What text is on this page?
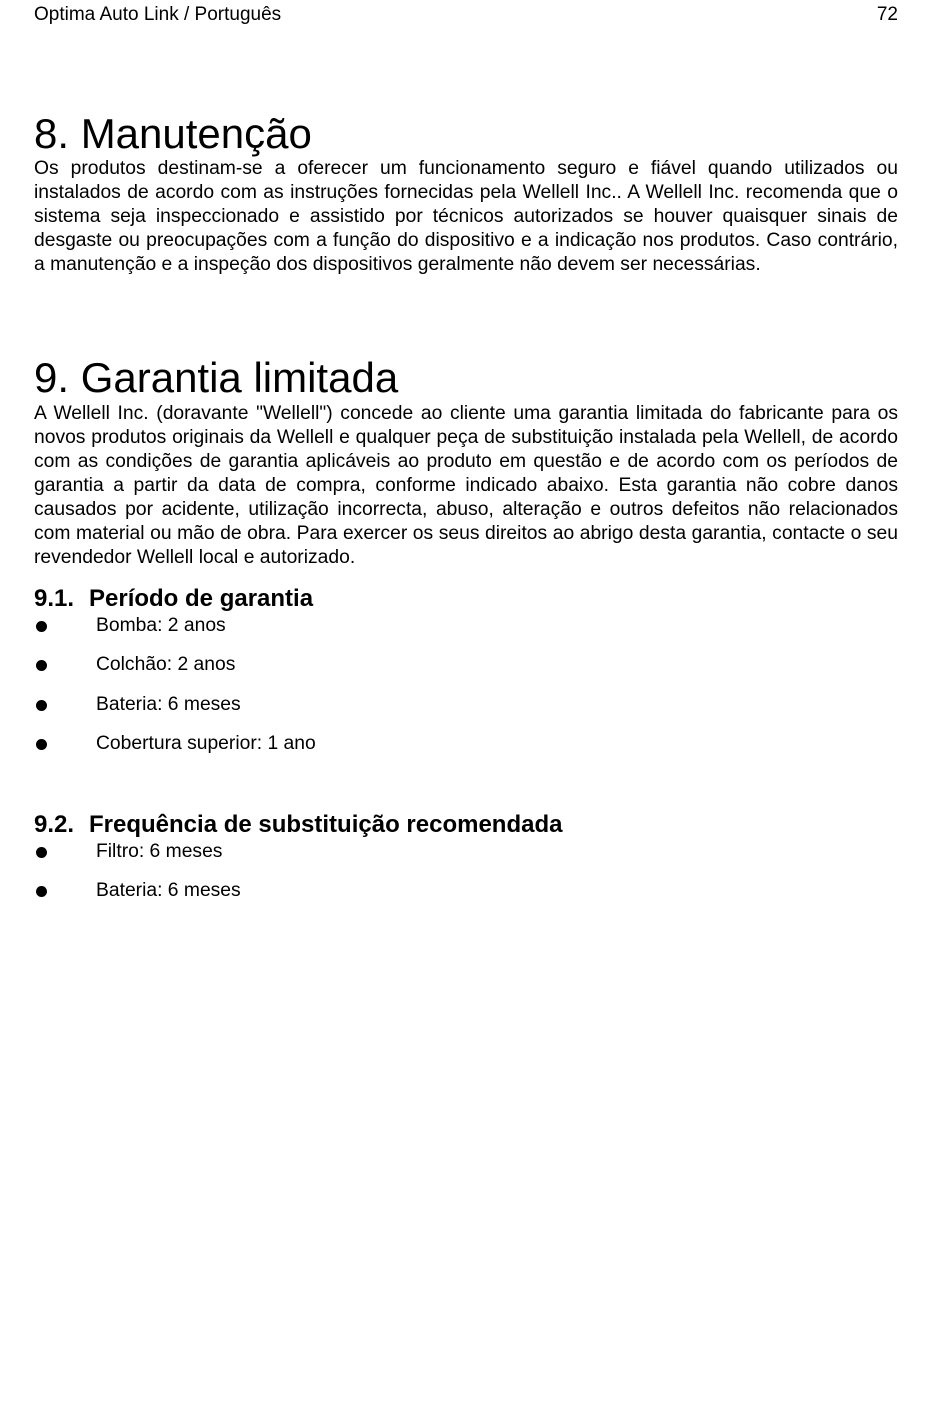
Optima Auto Link / Português	72
8. Manutenção

Os produtos destinam-se a oferecer um funcionamento seguro e fiável quando utilizados ou instalados de acordo com as instruções fornecidas pela Wellell Inc.. A Wellell Inc. recomenda que o sistema seja inspeccionado e assistido por técnicos autorizados se houver quaisquer sinais de desgaste ou preocupações com a função do dispositivo e a indicação nos produtos. Caso contrário, a manutenção e a inspeção dos dispositivos geralmente não devem ser necessárias.

9. Garantia limitada

A Wellell Inc. (doravante "Wellell") concede ao cliente uma garantia limitada do fabricante para os novos produtos originais da Wellell e qualquer peça de substituição instalada pela Wellell, de acordo com as condições de garantia aplicáveis ao produto em questão e de acordo com os períodos de garantia a partir da data de compra, conforme indicado abaixo. Esta garantia não cobre danos causados por acidente, utilização incorrecta, abuso, alteração e outros defeitos não relacionados com material ou mão de obra. Para exercer os seus direitos ao abrigo desta garantia, contacte o seu revendedor Wellell local e autorizado.

9.1. Período de garantia
Bomba: 2 anos
Colchão: 2 anos
Bateria: 6 meses
Cobertura superior: 1 ano
9.2. Frequência de substituição recomendada
Filtro: 6 meses
Bateria: 6 meses
